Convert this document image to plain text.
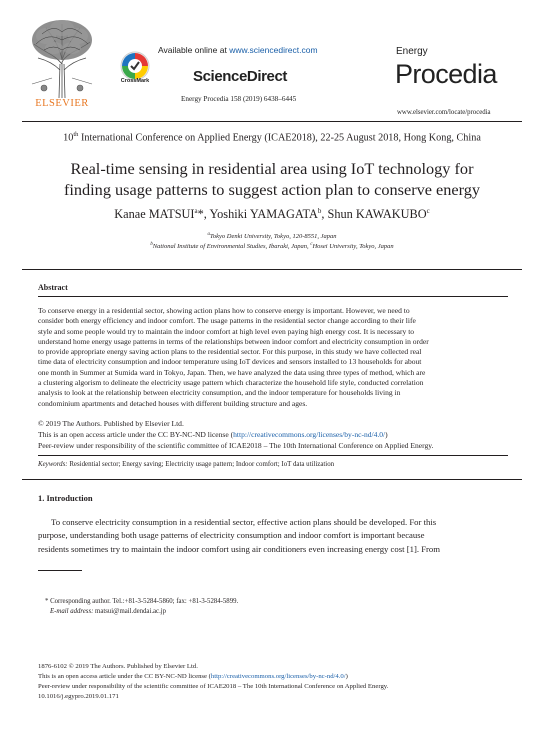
ELSEVIER
Available online at www.sciencedirect.com
CrossMark	ScienceDirect
Energy Procedia 158 (2019) 6438–6445
Energy
Procedia
www.elsevier.com/locate/procedia
10th International Conference on Applied Energy (ICAE2018), 22-25 August 2018, Hong Kong, China
Real-time sensing in residential area using IoT technology for
finding usage patterns to suggest action plan to conserve energy
Kanae MATSUI$^a$*, Yoshiki YAMAGATA$^b$, Shun KAWAKUBO$^c$
$^a$Tokyo Denki University, Tokyo, 120-8551, Japan
$^b$National Institute of Environmental Studies, Ibaraki, Japan, $^c$Hosei University, Tokyo, Japan
Abstract
To conserve energy in a residential sector, showing action plans how to conserve energy is important. However, we need to
consider both energy efficiency and indoor comfort. The usage patterns in the residential sector change according to their life
style and some people would try to maintain the indoor comfort at high level even paying high energy cost. It is necessary to
understand home energy usage patterns in terms of the relationships between indoor comfort and electricity consumption in order
to provide appropriate energy saving action plans to the residential sector. For this purpose, in this study we have collected real
time data of electricity consumption and indoor temperature using IoT devices and sensors installed to 13 households for about
one month in Summer at Sumida ward in Tokyo, Japan. Then, we have analyzed the data using three types of method, which are
a clustering algorism to delineate the electricity usage pattern which characterize the household life style, conducted correlation
analysis to look at the relationship between electricity consumption, and the indoor temperature for households living in
condominium apartments and detached houses with different building structure and ages.
© 2019 The Authors. Published by Elsevier Ltd.
This is an open access article under the CC BY-NC-ND license (http://creativecommons.org/licenses/by-nc-nd/4.0/)
Peer-review under responsibility of the scientific committee of ICAE2018 – The 10th International Conference on Applied Energy.
Keywords: Residential sector; Energy saving; Electricity usage pattern; Indoor comfort; IoT data utilization
1. Introduction
To conserve electricity consumption in a residential sector, effective action plans should be developed. For this
purpose, understanding both usage patterns of electricity consumption and indoor comfort is important because
residents sometimes try to maintain the indoor comfort using air conditioners even increasing energy cost [1]. From
* Corresponding author. Tel.:+81-3-5284-5860; fax: +81-3-5284-5899.
E-mail address: matsui@mail.dendai.ac.jp
1876-6102 © 2019 The Authors. Published by Elsevier Ltd.
This is an open access article under the CC BY-NC-ND license (http://creativecommons.org/licenses/by-nc-nd/4.0/)
Peer-review under responsibility of the scientific committee of ICAE2018 – The 10th International Conference on Applied Energy.
10.1016/j.egypro.2019.01.171
